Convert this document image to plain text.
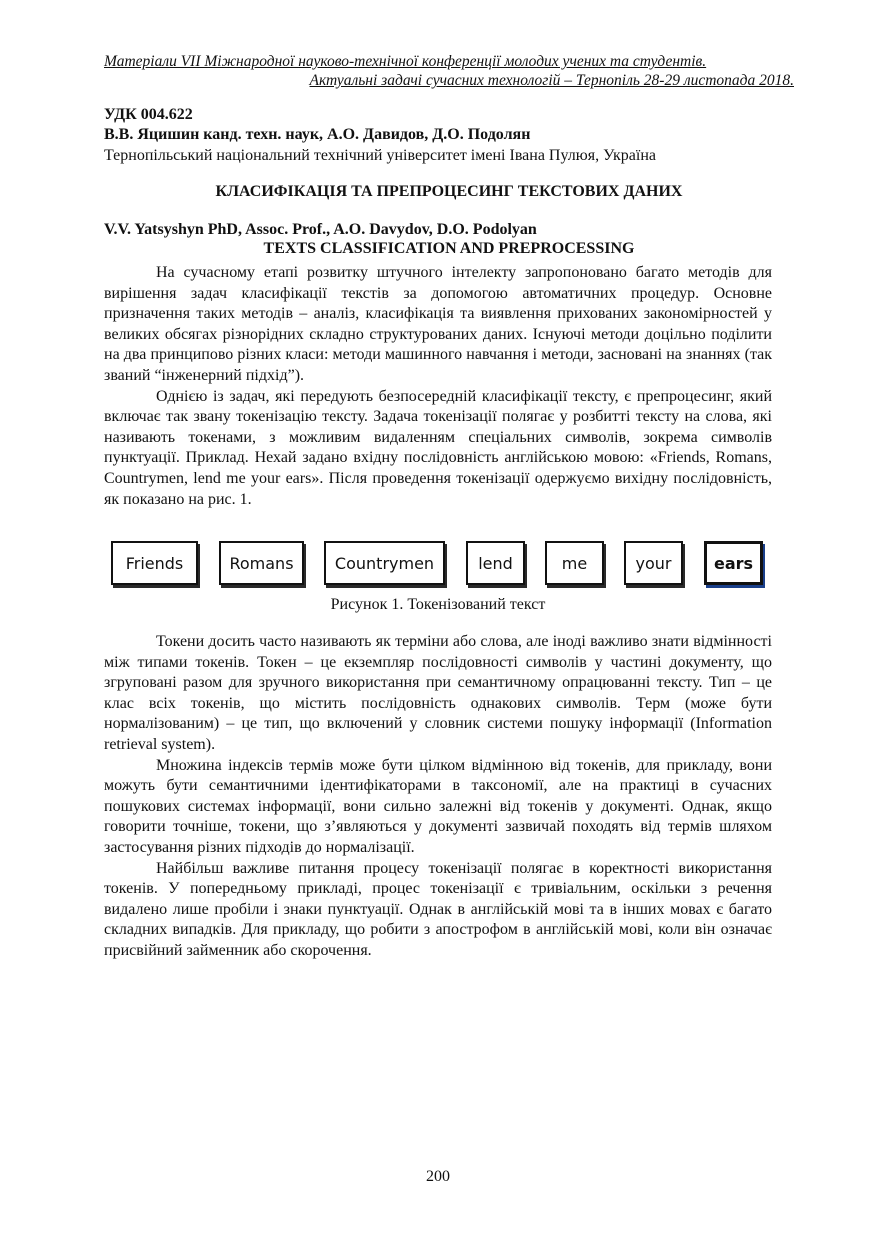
Матеріали VII Міжнародної науково-технічної конференції молодих учених та студентів.
Актуальні задачі сучасних технологій – Тернопіль 28-29 листопада 2018.
УДК 004.622
В.В. Яцишин канд. техн. наук, А.О. Давидов, Д.О. Подолян
Тернопільський національний технічний університет імені Івана Пулюя, Україна
КЛАСИФІКАЦІЯ ТА ПРЕПРОЦЕСИНГ ТЕКСТОВИХ ДАНИХ
V.V. Yatsyshyn PhD, Assoc. Prof., A.O. Davydov, D.O. Podolyan
TEXTS CLASSIFICATION AND PREPROCESSING

На сучасному етапі розвитку штучного інтелекту запропоновано багато методів для вирішення задач класифікації текстів за допомогою автоматичних процедур. Основне призначення таких методів – аналіз, класифікація та виявлення прихованих закономірностей у великих обсягах різнорідних складно структурованих даних. Існуючі методи доцільно поділити на два принципово різних класи: методи машинного навчання і методи, засновані на знаннях (так званий “інженерний підхід”).

Однією із задач, які передують безпосередній класифікації тексту, є препроцесинг, який включає так звану токенізацію тексту. Задача токенізації полягає у розбитті тексту на слова, які називають токенами, з можливим видаленням спеціальних символів, зокрема символів пунктуації. Приклад. Нехай задано вхідну послідовність англійською мовою: «Friends, Romans, Countrymen, lend me your ears». Після проведення токенізації одержуємо вихідну послідовність, як показано на рис. 1.

Friends	Romans	Countrymen	lend	me	your	ears
Рисунок 1. Токенізований текст

Токени досить часто називають як терміни або слова, але іноді важливо знати відмінності між типами токенів. Токен – це екземпляр послідовності символів у частині документу, що згруповані разом для зручного використання при семантичному опрацюванні тексту. Тип – це клас всіх токенів, що містить послідовність однакових символів. Терм (може бути нормалізованим) – це тип, що включений у словник системи пошуку інформації (Information retrieval system).

Множина індексів термів може бути цілком відмінною від токенів, для прикладу, вони можуть бути семантичними ідентифікаторами в таксономії, але на практиці в сучасних пошукових системах інформації, вони сильно залежні від токенів у документі. Однак, якщо говорити точніше, токени, що з’являються у документі зазвичай походять від термів шляхом застосування різних підходів до нормалізації.

Найбільш важливе питання процесу токенізації полягає в коректності використання токенів. У попередньому прикладі, процес токенізації є тривіальним, оскільки з речення видалено лише пробіли і знаки пунктуації. Однак в англійській мові та в інших мовах є багато складних випадків. Для прикладу, що робити з апострофом в англійській мові, коли він означає присвійний займенник або скорочення.

200
